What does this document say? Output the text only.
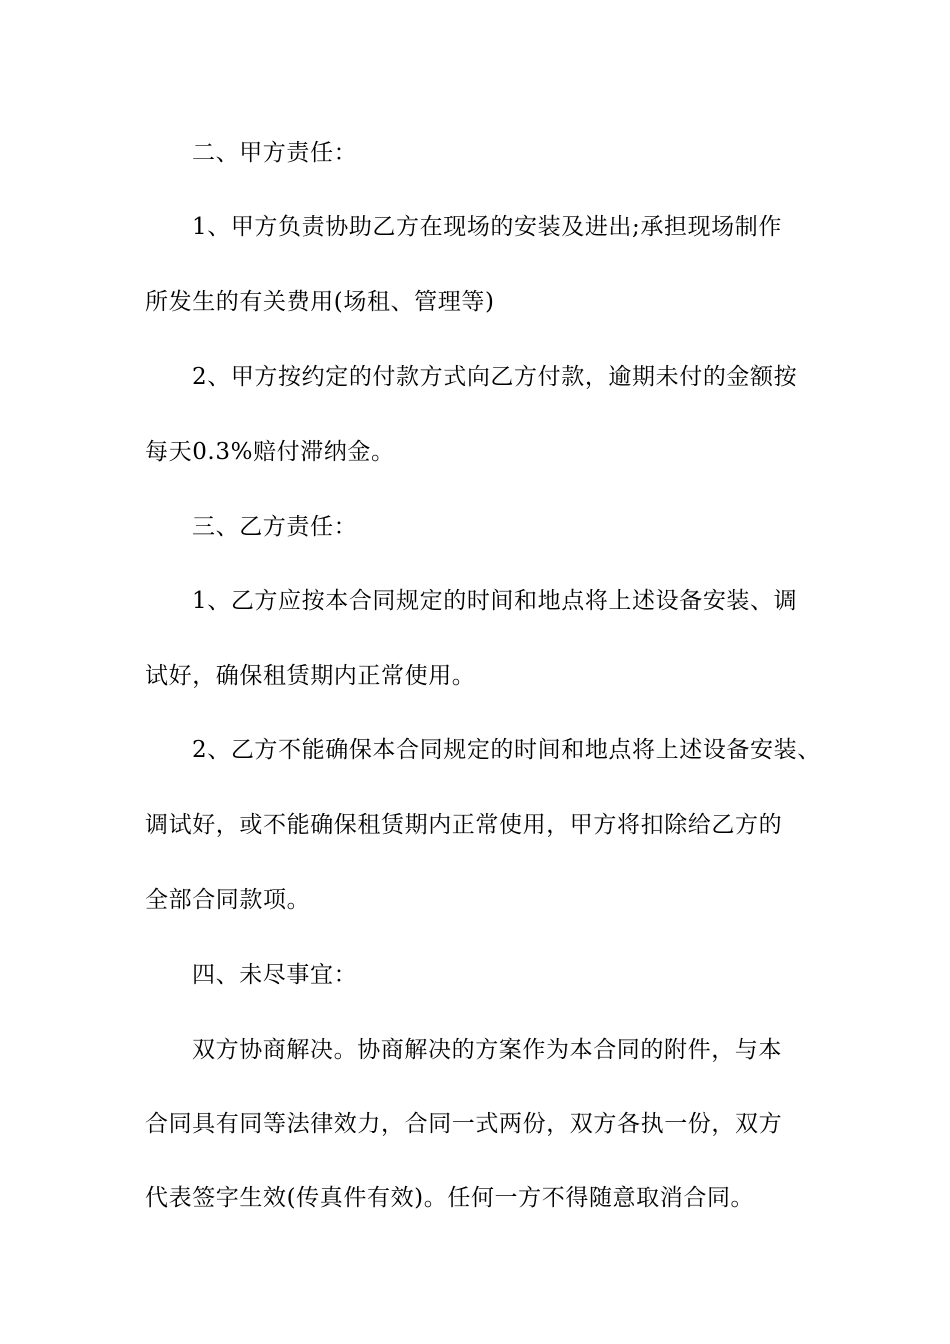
二、甲方责任：
1、甲方负责协助乙方在现场的安装及进出;承担现场制作
所发生的有关费用(场租、管理等)
2、甲方按约定的付款方式向乙方付款，逾期未付的金额按
每天0.3%赔付滞纳金。
三、乙方责任：
1、乙方应按本合同规定的时间和地点将上述设备安装、调
试好，确保租赁期内正常使用。
2、乙方不能确保本合同规定的时间和地点将上述设备安装、
调试好，或不能确保租赁期内正常使用，甲方将扣除给乙方的
全部合同款项。
四、未尽事宜：
双方协商解决。协商解决的方案作为本合同的附件，与本
合同具有同等法律效力，合同一式两份，双方各执一份，双方
代表签字生效(传真件有效)。任何一方不得随意取消合同。
